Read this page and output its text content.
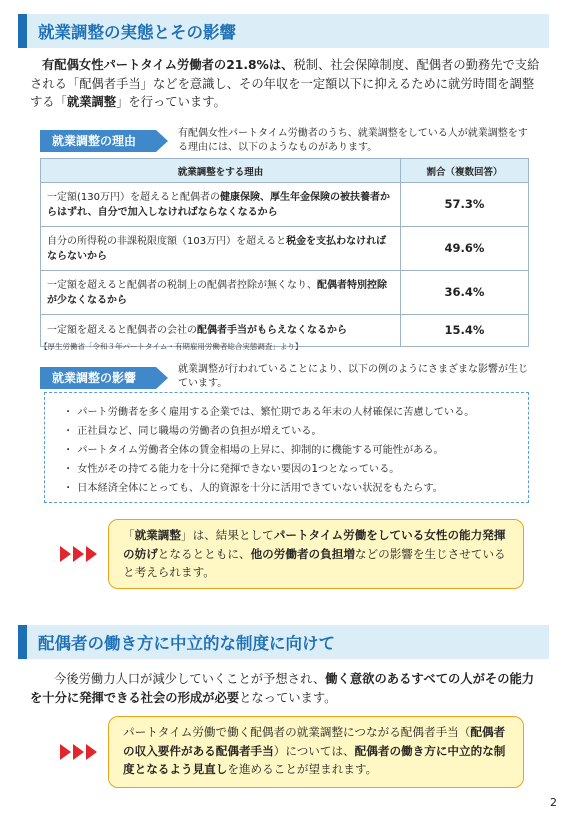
就業調整の実態とその影響
有配偶女性パートタイム労働者の21.8%は、税制、社会保障制度、配偶者の勤務先で支給される「配偶者手当」などを意識し、その年収を一定額以下に抑えるために就労時間を調整する「就業調整」を行っています。
就業調整の理由
有配偶女性パートタイム労働者のうち、就業調整をしている人が就業調整をする理由には、以下のようなものがあります。
就業調整をする理由	割合（複数回答）
一定額(130万円）を超えると配偶者の健康保険、厚生年金保険の被扶養者からはずれ、自分で加入しなければならなくなるから	57.3%
自分の所得税の非課税限度額（103万円）を超えると税金を支払わなければならないから	49.6%
一定額を超えると配偶者の税制上の配偶者控除が無くなり、配偶者特別控除が少なくなるから	36.4%
一定額を超えると配偶者の会社の配偶者手当がもらえなくなるから	15.4%
【厚生労働省「令和３年パートタイム・有期雇用労働者総合実態調査」より】
就業調整の影響
就業調整が行われていることにより、以下の例のようにさまざまな影響が生じています。
・ パート労働者を多く雇用する企業では、繁忙期である年末の人材確保に苦慮している。
・ 正社員など、同じ職場の労働者の負担が増えている。
・ パートタイム労働者全体の賃金相場の上昇に、抑制的に機能する可能性がある。
・ 女性がその持てる能力を十分に発揮できない要因の1つとなっている。
・ 日本経済全体にとっても、人的資源を十分に活用できていない状況をもたらす。
「就業調整」は、結果としてパートタイム労働をしている女性の能力発揮の妨げとなるとともに、他の労働者の負担増などの影響を生じさせていると考えられます。
配偶者の働き方に中立的な制度に向けて
今後労働力人口が減少していくことが予想され、働く意欲のあるすべての人がその能力を十分に発揮できる社会の形成が必要となっています。
パートタイム労働で働く配偶者の就業調整につながる配偶者手当（配偶者の収入要件がある配偶者手当）については、配偶者の働き方に中立的な制度となるよう見直しを進めることが望まれます。
2
